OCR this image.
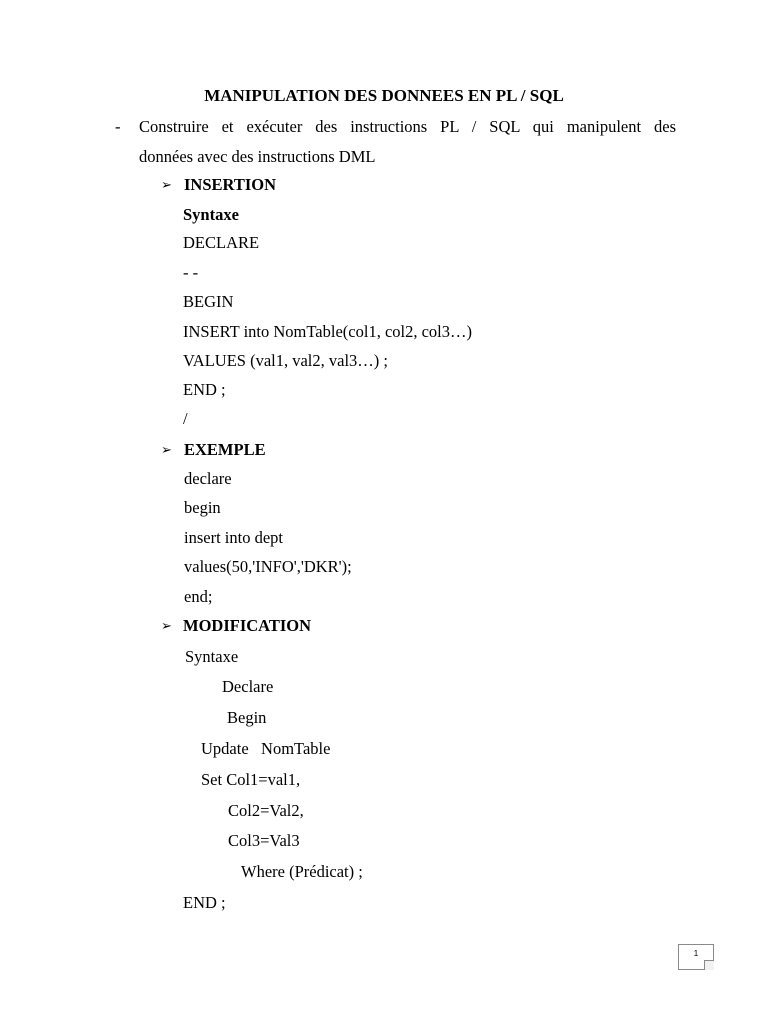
MANIPULATION DES DONNEES EN PL / SQL
- Construire et exécuter des instructions PL / SQL qui manipulent des
données avec des instructions DML
➢ INSERTION
Syntaxe
DECLARE
- -
BEGIN
INSERT into NomTable(col1, col2, col3…)
VALUES (val1, val2, val3…) ;
END ;
/
➢ EXEMPLE
declare
begin
insert into dept
values(50,'INFO','DKR');
end;
➢ MODIFICATION
Syntaxe
Declare
Begin
Update   NomTable
Set Col1=val1,
Col2=Val2,
Col3=Val3
Where (Prédicat) ;
END ;
1
